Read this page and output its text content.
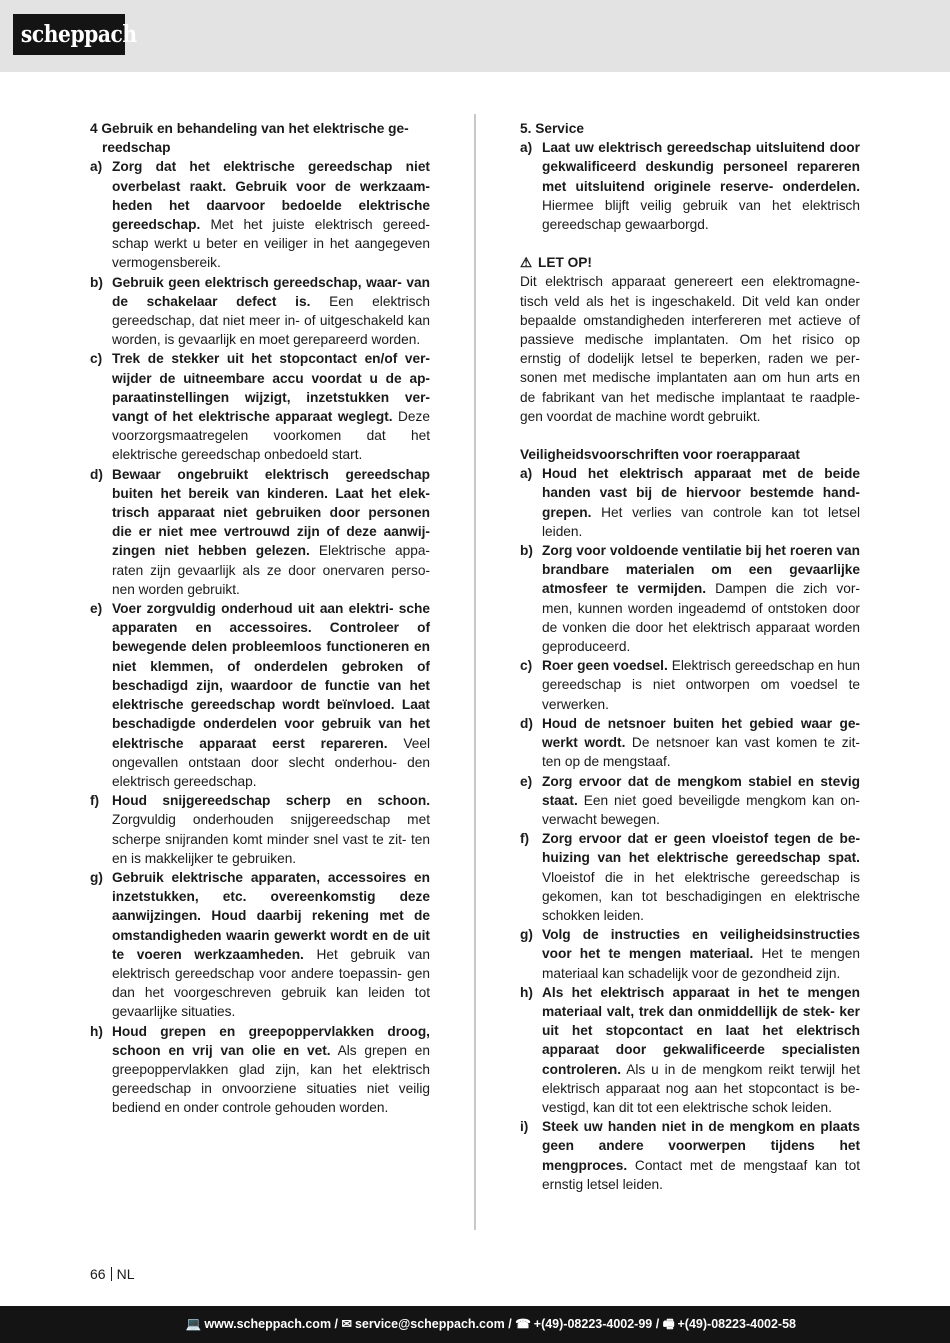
scheppach
4 Gebruik en behandeling van het elektrische ge- reedschap
a) Zorg dat het elektrische gereedschap niet overbelast raakt. Gebruik voor de werkzaam- heden het daarvoor bedoelde elektrische gereedschap. Met het juiste elektrisch gereed- schap werkt u beter en veiliger in het aangegeven vermogensbereik.
b) Gebruik geen elektrisch gereedschap, waar- van de schakelaar defect is. Een elektrisch gereedschap, dat niet meer in- of uitgeschakeld kan worden, is gevaarlijk en moet gerepareerd worden.
c) Trek de stekker uit het stopcontact en/of ver- wijder de uitneembare accu voordat u de ap- paraatinstellingen wijzigt, inzetstukken ver- vangt of het elektrische apparaat weglegt. Deze voorzorgsmaatregelen voorkomen dat het elektrische gereedschap onbedoeld start.
d) Bewaar ongebruikt elektrisch gereedschap buiten het bereik van kinderen. Laat het elek- trisch apparaat niet gebruiken door personen die er niet mee vertrouwd zijn of deze aanwij- zingen niet hebben gelezen. Elektrische appa- raten zijn gevaarlijk als ze door onervaren perso- nen worden gebruikt.
e) Voer zorgvuldig onderhoud uit aan elektri- sche apparaten en accessoires. Controleer of bewegende delen probleemloos functioneren en niet klemmen, of onderdelen gebroken of beschadigd zijn, waardoor de functie van het elektrische gereedschap wordt beïnvloed. Laat beschadigde onderdelen voor gebruik van het elektrische apparaat eerst repareren. Veel ongevallen ontstaan door slecht onderhou- den elektrisch gereedschap.
f) Houd snijgereedschap scherp en schoon. Zorgvuldig onderhouden snijgereedschap met scherpe snijranden komt minder snel vast te zit- ten en is makkelijker te gebruiken.
g) Gebruik elektrische apparaten, accessoires en inzetstukken, etc. overeenkomstig deze aanwijzingen. Houd daarbij rekening met de omstandigheden waarin gewerkt wordt en de uit te voeren werkzaamheden. Het gebruik van elektrisch gereedschap voor andere toepassin- gen dan het voorgeschreven gebruik kan leiden tot gevaarlijke situaties.
h) Houd grepen en greepoppervlakken droog, schoon en vrij van olie en vet. Als grepen en greepoppervlakken glad zijn, kan het elektrisch gereedschap in onvoorziene situaties niet veilig bediend en onder controle gehouden worden.
5. Service
a) Laat uw elektrisch gereedschap uitsluitend door gekwalificeerd deskundig personeel repareren met uitsluitend originele reserve- onderdelen. Hiermee blijft veilig gebruik van het elektrisch gereedschap gewaarborgd.
⚠ LET OP!
Dit elektrisch apparaat genereert een elektromagne- tisch veld als het is ingeschakeld. Dit veld kan onder bepaalde omstandigheden interfereren met actieve of passieve medische implantaten. Om het risico op ernstig of dodelijk letsel te beperken, raden we per- sonen met medische implantaten aan om hun arts en de fabrikant van het medische implantaat te raadple- gen voordat de machine wordt gebruikt.
Veiligheidsvoorschriften voor roerapparaat
a) Houd het elektrisch apparaat met de beide handen vast bij de hiervoor bestemde hand- grepen. Het verlies van controle kan tot letsel leiden.
b) Zorg voor voldoende ventilatie bij het roeren van brandbare materialen om een gevaarlijke atmosfeer te vermijden. Dampen die zich vor- men, kunnen worden ingeademd of ontstoken door de vonken die door het elektrisch apparaat worden geproduceerd.
c) Roer geen voedsel. Elektrisch gereedschap en hun gereedschap is niet ontworpen om voedsel te verwerken.
d) Houd de netsnoer buiten het gebied waar ge- werkt wordt. De netsnoer kan vast komen te zit- ten op de mengstaaf.
e) Zorg ervoor dat de mengkom stabiel en stevig staat. Een niet goed beveiligde mengkom kan on- verwacht bewegen.
f) Zorg ervoor dat er geen vloeistof tegen de be- huizing van het elektrische gereedschap spat. Vloeistof die in het elektrische gereedschap is gekomen, kan tot beschadigingen en elektrische schokken leiden.
g) Volg de instructies en veiligheidsinstructies voor het te mengen materiaal. Het te mengen materiaal kan schadelijk voor de gezondheid zijn.
h) Als het elektrisch apparaat in het te mengen materiaal valt, trek dan onmiddellijk de stek- ker uit het stopcontact en laat het elektrisch apparaat door gekwalificeerde specialisten controleren. Als u in de mengkom reikt terwijl het elektrisch apparaat nog aan het stopcontact is be- vestigd, kan dit tot een elektrische schok leiden.
i) Steek uw handen niet in de mengkom en plaats geen andere voorwerpen tijdens het mengproces. Contact met de mengstaaf kan tot ernstig letsel leiden.
66 NL
💻 www.scheppach.com / ✉ service@scheppach.com / ☎ +(49)-08223-4002-99 / 🖷 +(49)-08223-4002-58
